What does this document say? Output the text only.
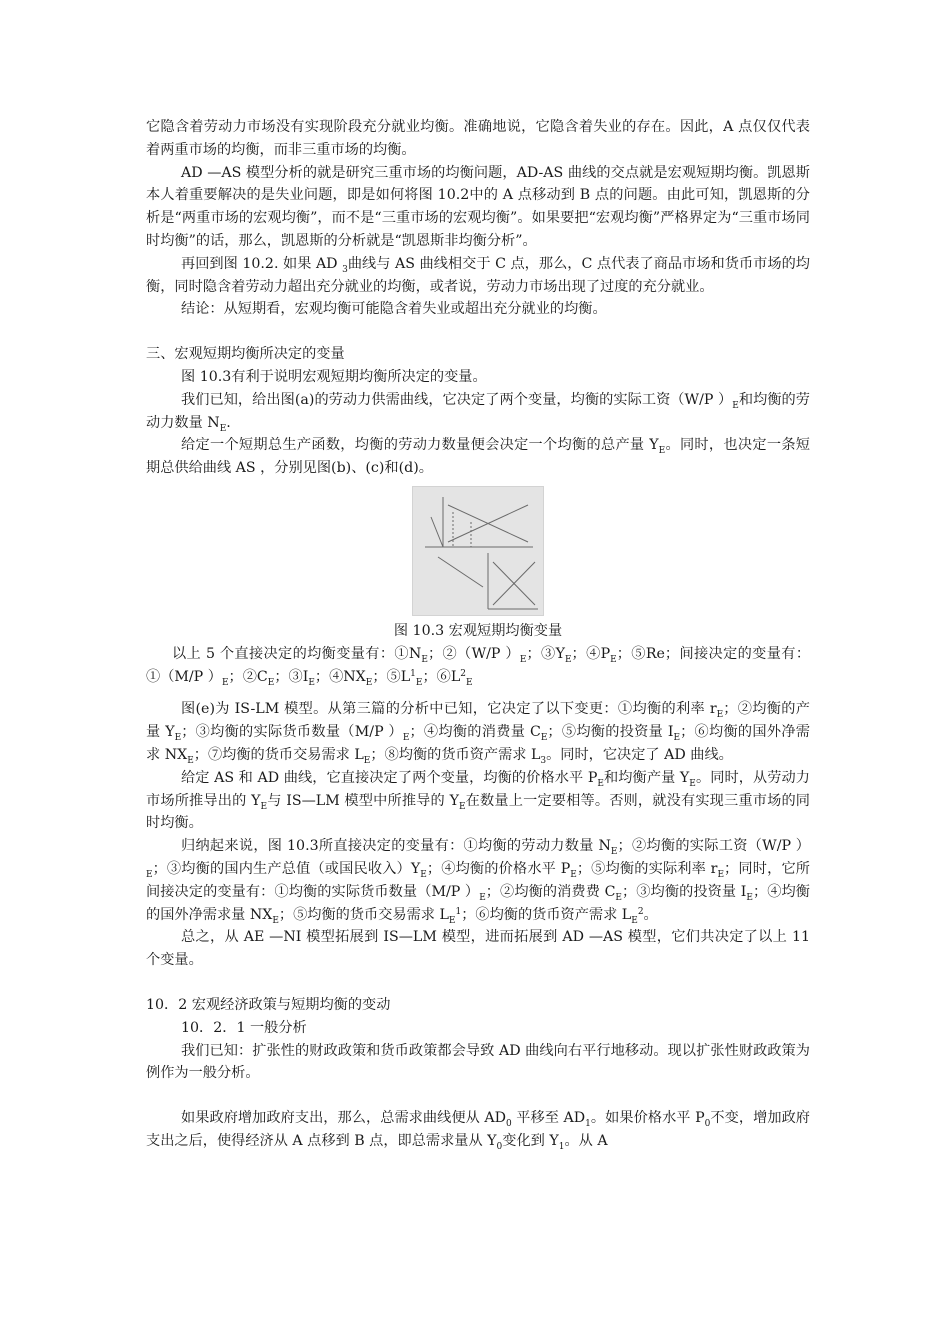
它隐含着劳动力市场没有实现阶段充分就业均衡。准确地说，它隐含着失业的存在。因此，A 点仅仅代表着两重市场的均衡，而非三重市场的均衡。

AD —AS 模型分析的就是研究三重市场的均衡问题，AD-AS 曲线的交点就是宏观短期均衡。凯恩斯本人着重要解决的是失业问题，即是如何将图 10.2中的 A 点移动到 B 点的问题。由此可知，凯恩斯的分析是“两重市场的宏观均衡”，而不是“三重市场的宏观均衡”。如果要把“宏观均衡”严格界定为“三重市场同时均衡”的话，那么，凯恩斯的分析就是“凯恩斯非均衡分析”。

再回到图 10.2. 如果 AD $_3$曲线与 AS 曲线相交于 C 点，那么，C 点代表了商品市场和货币市场的均衡，同时隐含着劳动力超出充分就业的均衡，或者说，劳动力市场出现了过度的充分就业。

结论：从短期看，宏观均衡可能隐含着失业或超出充分就业的均衡。

三、宏观短期均衡所决定的变量

图 10.3有利于说明宏观短期均衡所决定的变量。

我们已知，给出图(a)的劳动力供需曲线，它决定了两个变量，均衡的实际工资（W/P ）$_E$和均衡的劳动力数量 $N_E$.

给定一个短期总生产函数，均衡的劳动力数量便会决定一个均衡的总产量 $Y_E$。同时，也决定一条短期总供给曲线 AS ，分别见图(b)、(c)和(d)。

图 10.3 宏观短期均衡变量

以上 5 个直接决定的均衡变量有：$①N_E$；②（W/P ）$_E$；$③Y_E$；$④P_E$；⑤Re；间接决定的变量有：①（M/P ）$_E$；$②C_E$；$③I_E$；$④NX_E$；$⑤L^1_E$；$⑥L^2_E$

图(e)为 IS-LM 模型。从第三篇的分析中已知，它决定了以下变更：①均衡的利率 $r_E$；②均衡的产量 $Y_E$；③均衡的实际货币数量（M/P ）$_E$；④均衡的消费量 $C_E$；⑤均衡的投资量 $I_E$；⑥均衡的国外净需求 $NX_E$；⑦均衡的货币交易需求 $L_E$；⑧均衡的货币资产需求 $L_3$。同时，它决定了 AD 曲线。

给定 AS 和 AD 曲线，它直接决定了两个变量，均衡的价格水平 $P_E$和均衡产量 $Y_E$。同时，从劳动力市场所推导出的 $Y_E$与 IS—LM 模型中所推导的 $Y_E$在数量上一定要相等。否则，就没有实现三重市场的同时均衡。

归纳起来说，图 10.3所直接决定的变量有：①均衡的劳动力数量 $N_E$；②均衡的实际工资（W/P ）$_E$；③均衡的国内生产总值（或国民收入）$Y_E$；④均衡的价格水平 $P_E$；⑤均衡的实际利率 $r_E$；同时，它所间接决定的变量有：①均衡的实际货币数量（M/P ）$_E$；②均衡的消费费 $C_E$；③均衡的投资量 $I_E$；④均衡的国外净需求量 $NX_E$；⑤均衡的货币交易需求 $L_E^1$；⑥均衡的货币资产需求 $L_E^2$。

总之，从 AE —NI 模型拓展到 IS—LM 模型，进而拓展到 AD —AS 模型，它们共决定了以上 11 个变量。

10．2 宏观经济政策与短期均衡的变动

10．2．1 一般分析

我们已知：扩张性的财政政策和货币政策都会导致 AD 曲线向右平行地移动。现以扩张性财政政策为例作为一般分析。

如果政府增加政府支出，那么，总需求曲线便从 $AD_0$ 平移至 $AD_1$。如果价格水平 $P_0$不变，增加政府支出之后，使得经济从 A 点移到 B 点，即总需求量从 $Y_0$变化到 $Y_1$。从 A
